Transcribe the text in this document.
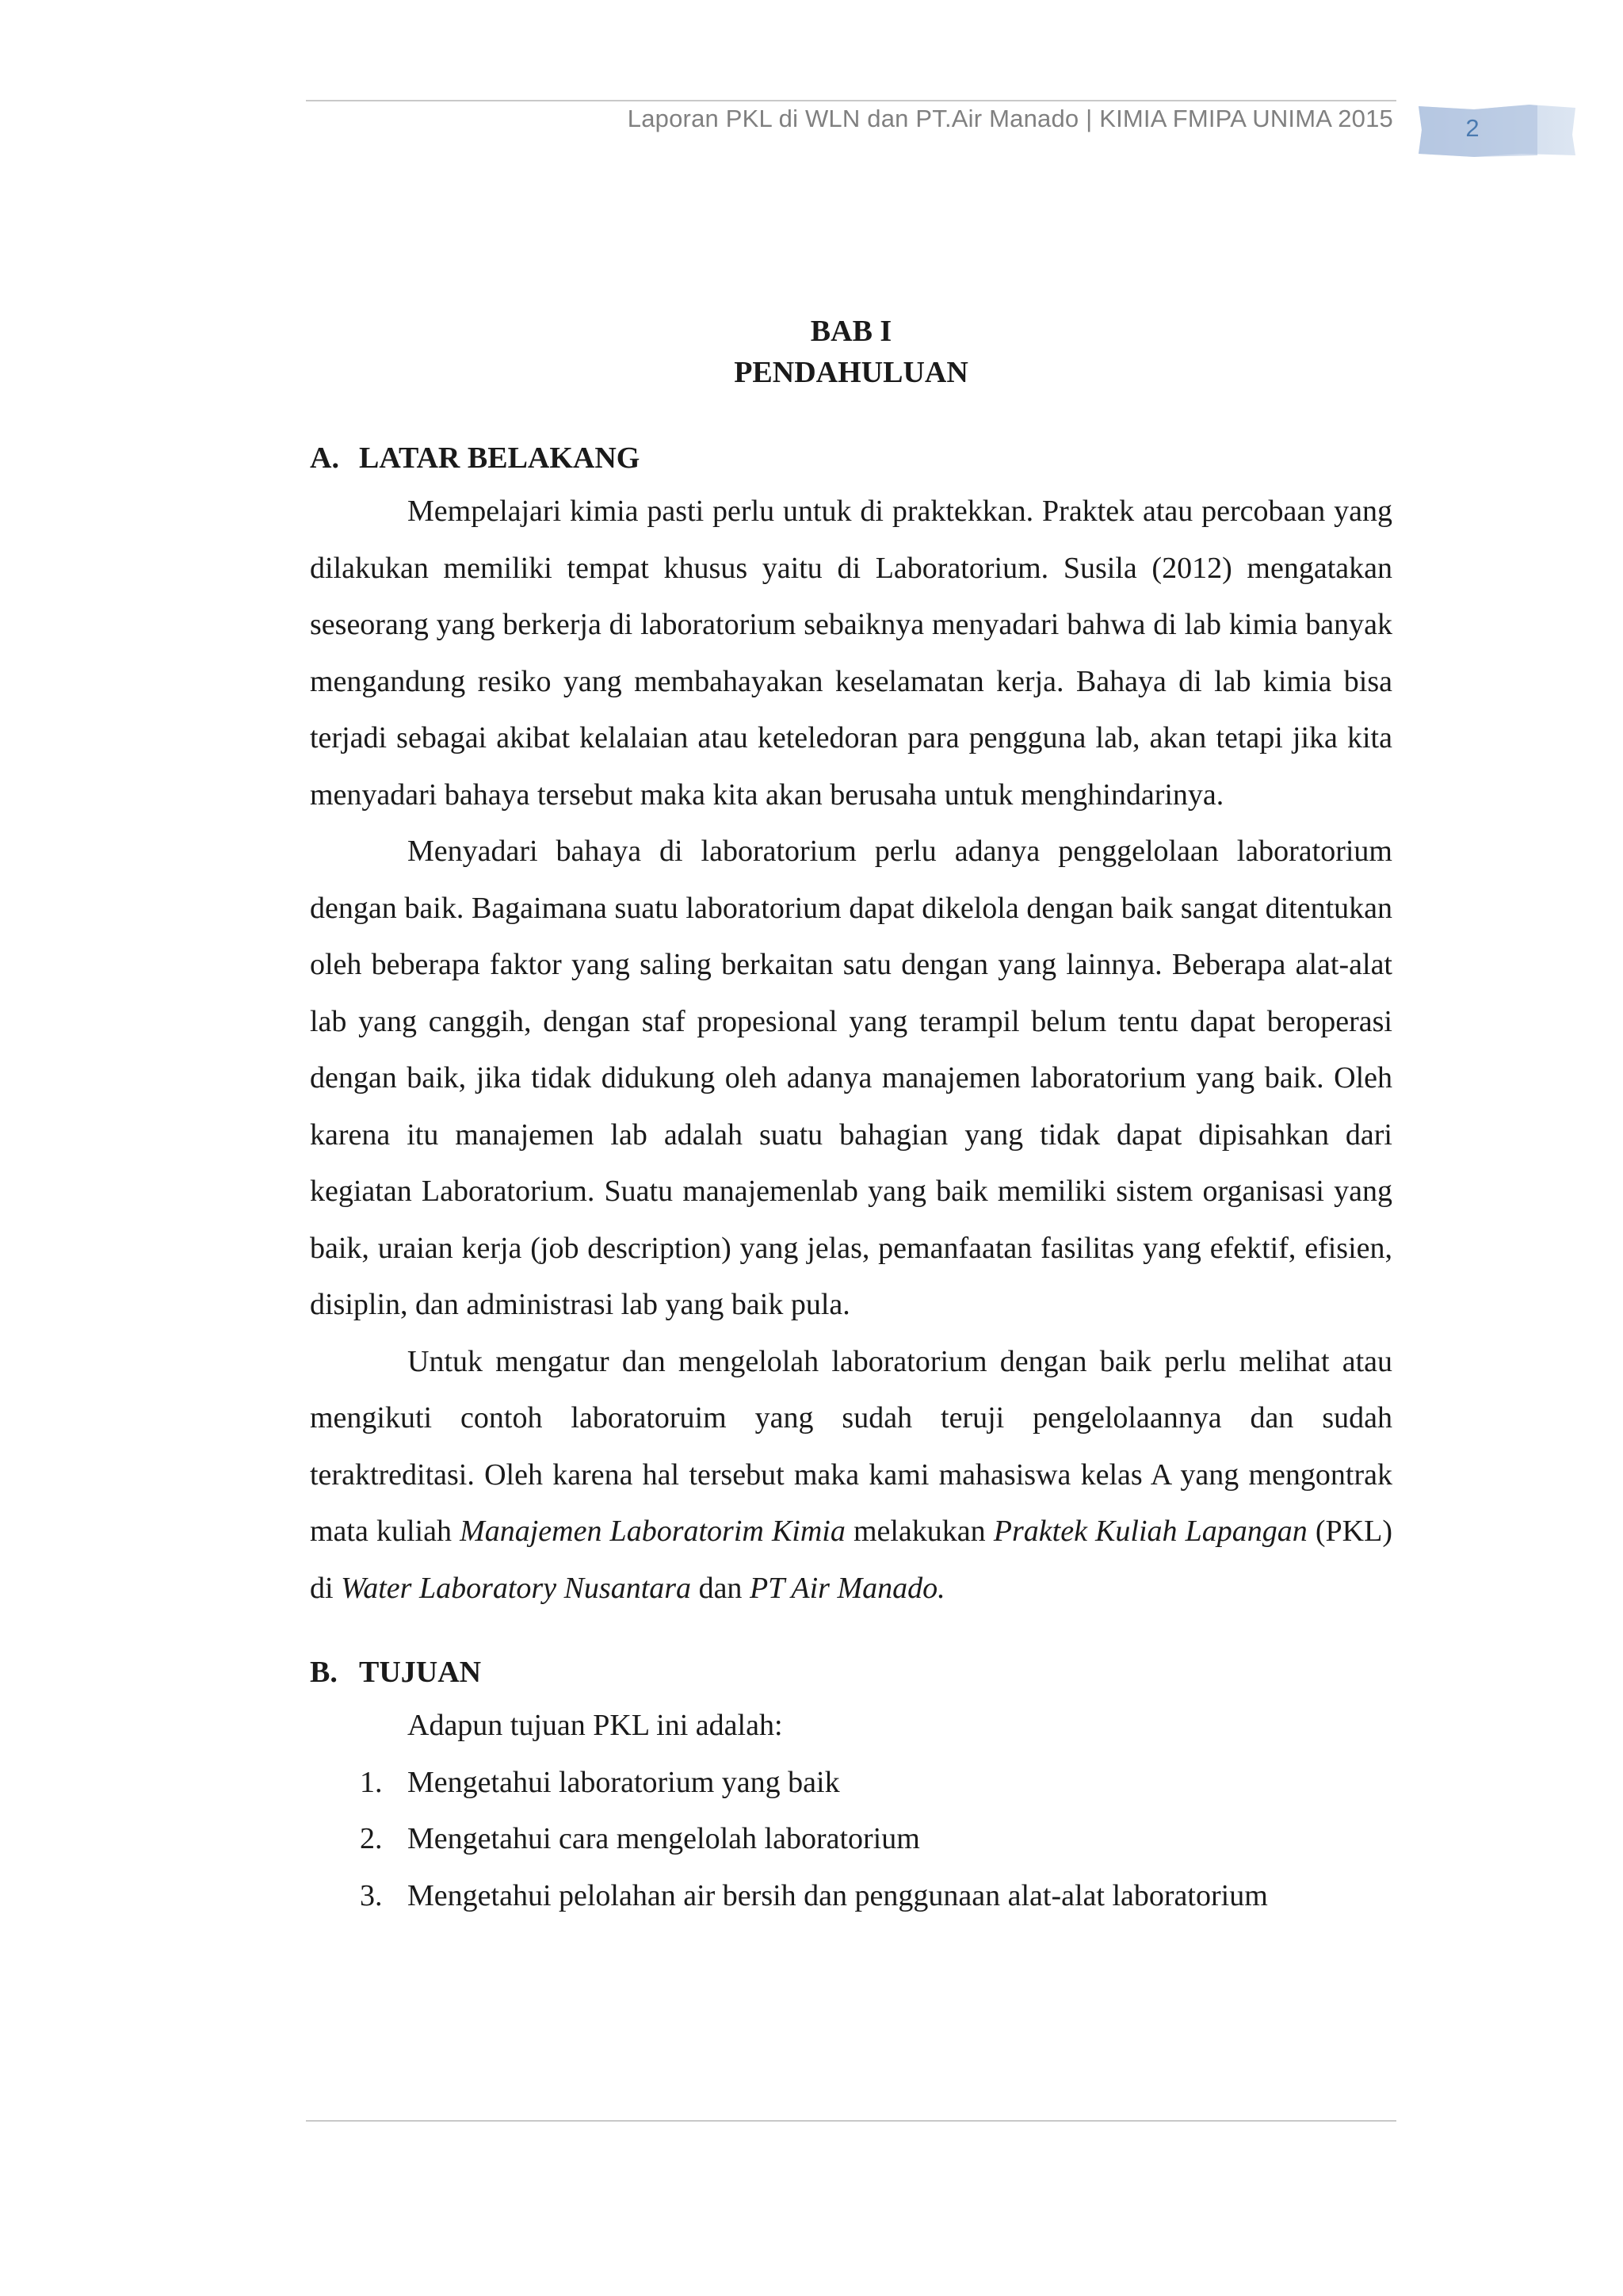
Laporan PKL di WLN dan PT.Air Manado | KIMIA FMIPA UNIMA 2015	2

BAB I

PENDAHULUAN

A. LATAR BELAKANG

Mempelajari kimia pasti perlu untuk di praktekkan. Praktek atau percobaan yang dilakukan memiliki tempat khusus yaitu di Laboratorium. Susila (2012) mengatakan seseorang yang berkerja di laboratorium sebaiknya menyadari bahwa di lab kimia banyak mengandung resiko yang membahayakan keselamatan kerja. Bahaya di lab kimia bisa terjadi sebagai akibat kelalaian atau keteledoran para pengguna lab, akan tetapi jika kita menyadari bahaya tersebut maka kita akan berusaha untuk menghindarinya.

Menyadari bahaya di laboratorium perlu adanya penggelolaan laboratorium dengan baik. Bagaimana suatu laboratorium dapat dikelola dengan baik sangat ditentukan oleh beberapa faktor yang saling berkaitan satu dengan yang lainnya. Beberapa alat-alat lab yang canggih, dengan staf propesional yang terampil belum tentu dapat beroperasi dengan baik, jika tidak didukung oleh adanya manajemen laboratorium yang baik. Oleh karena itu manajemen lab adalah suatu bahagian yang tidak dapat dipisahkan dari kegiatan Laboratorium. Suatu manajemenlab yang baik memiliki sistem organisasi yang baik, uraian kerja (job description) yang jelas, pemanfaatan fasilitas yang efektif, efisien, disiplin, dan administrasi lab yang baik pula.

Untuk mengatur dan mengelolah laboratorium dengan baik perlu melihat atau mengikuti contoh laboratoruim yang sudah teruji pengelolaannya dan sudah teraktreditasi. Oleh karena hal tersebut maka kami mahasiswa kelas A yang mengontrak mata kuliah Manajemen Laboratorim Kimia melakukan Praktek Kuliah Lapangan (PKL) di Water Laboratory Nusantara dan PT Air Manado.

B. TUJUAN

Adapun tujuan PKL ini adalah:

1. Mengetahui laboratorium yang baik
2. Mengetahui cara mengelolah laboratorium
3. Mengetahui pelolahan air bersih dan penggunaan alat-alat laboratorium
